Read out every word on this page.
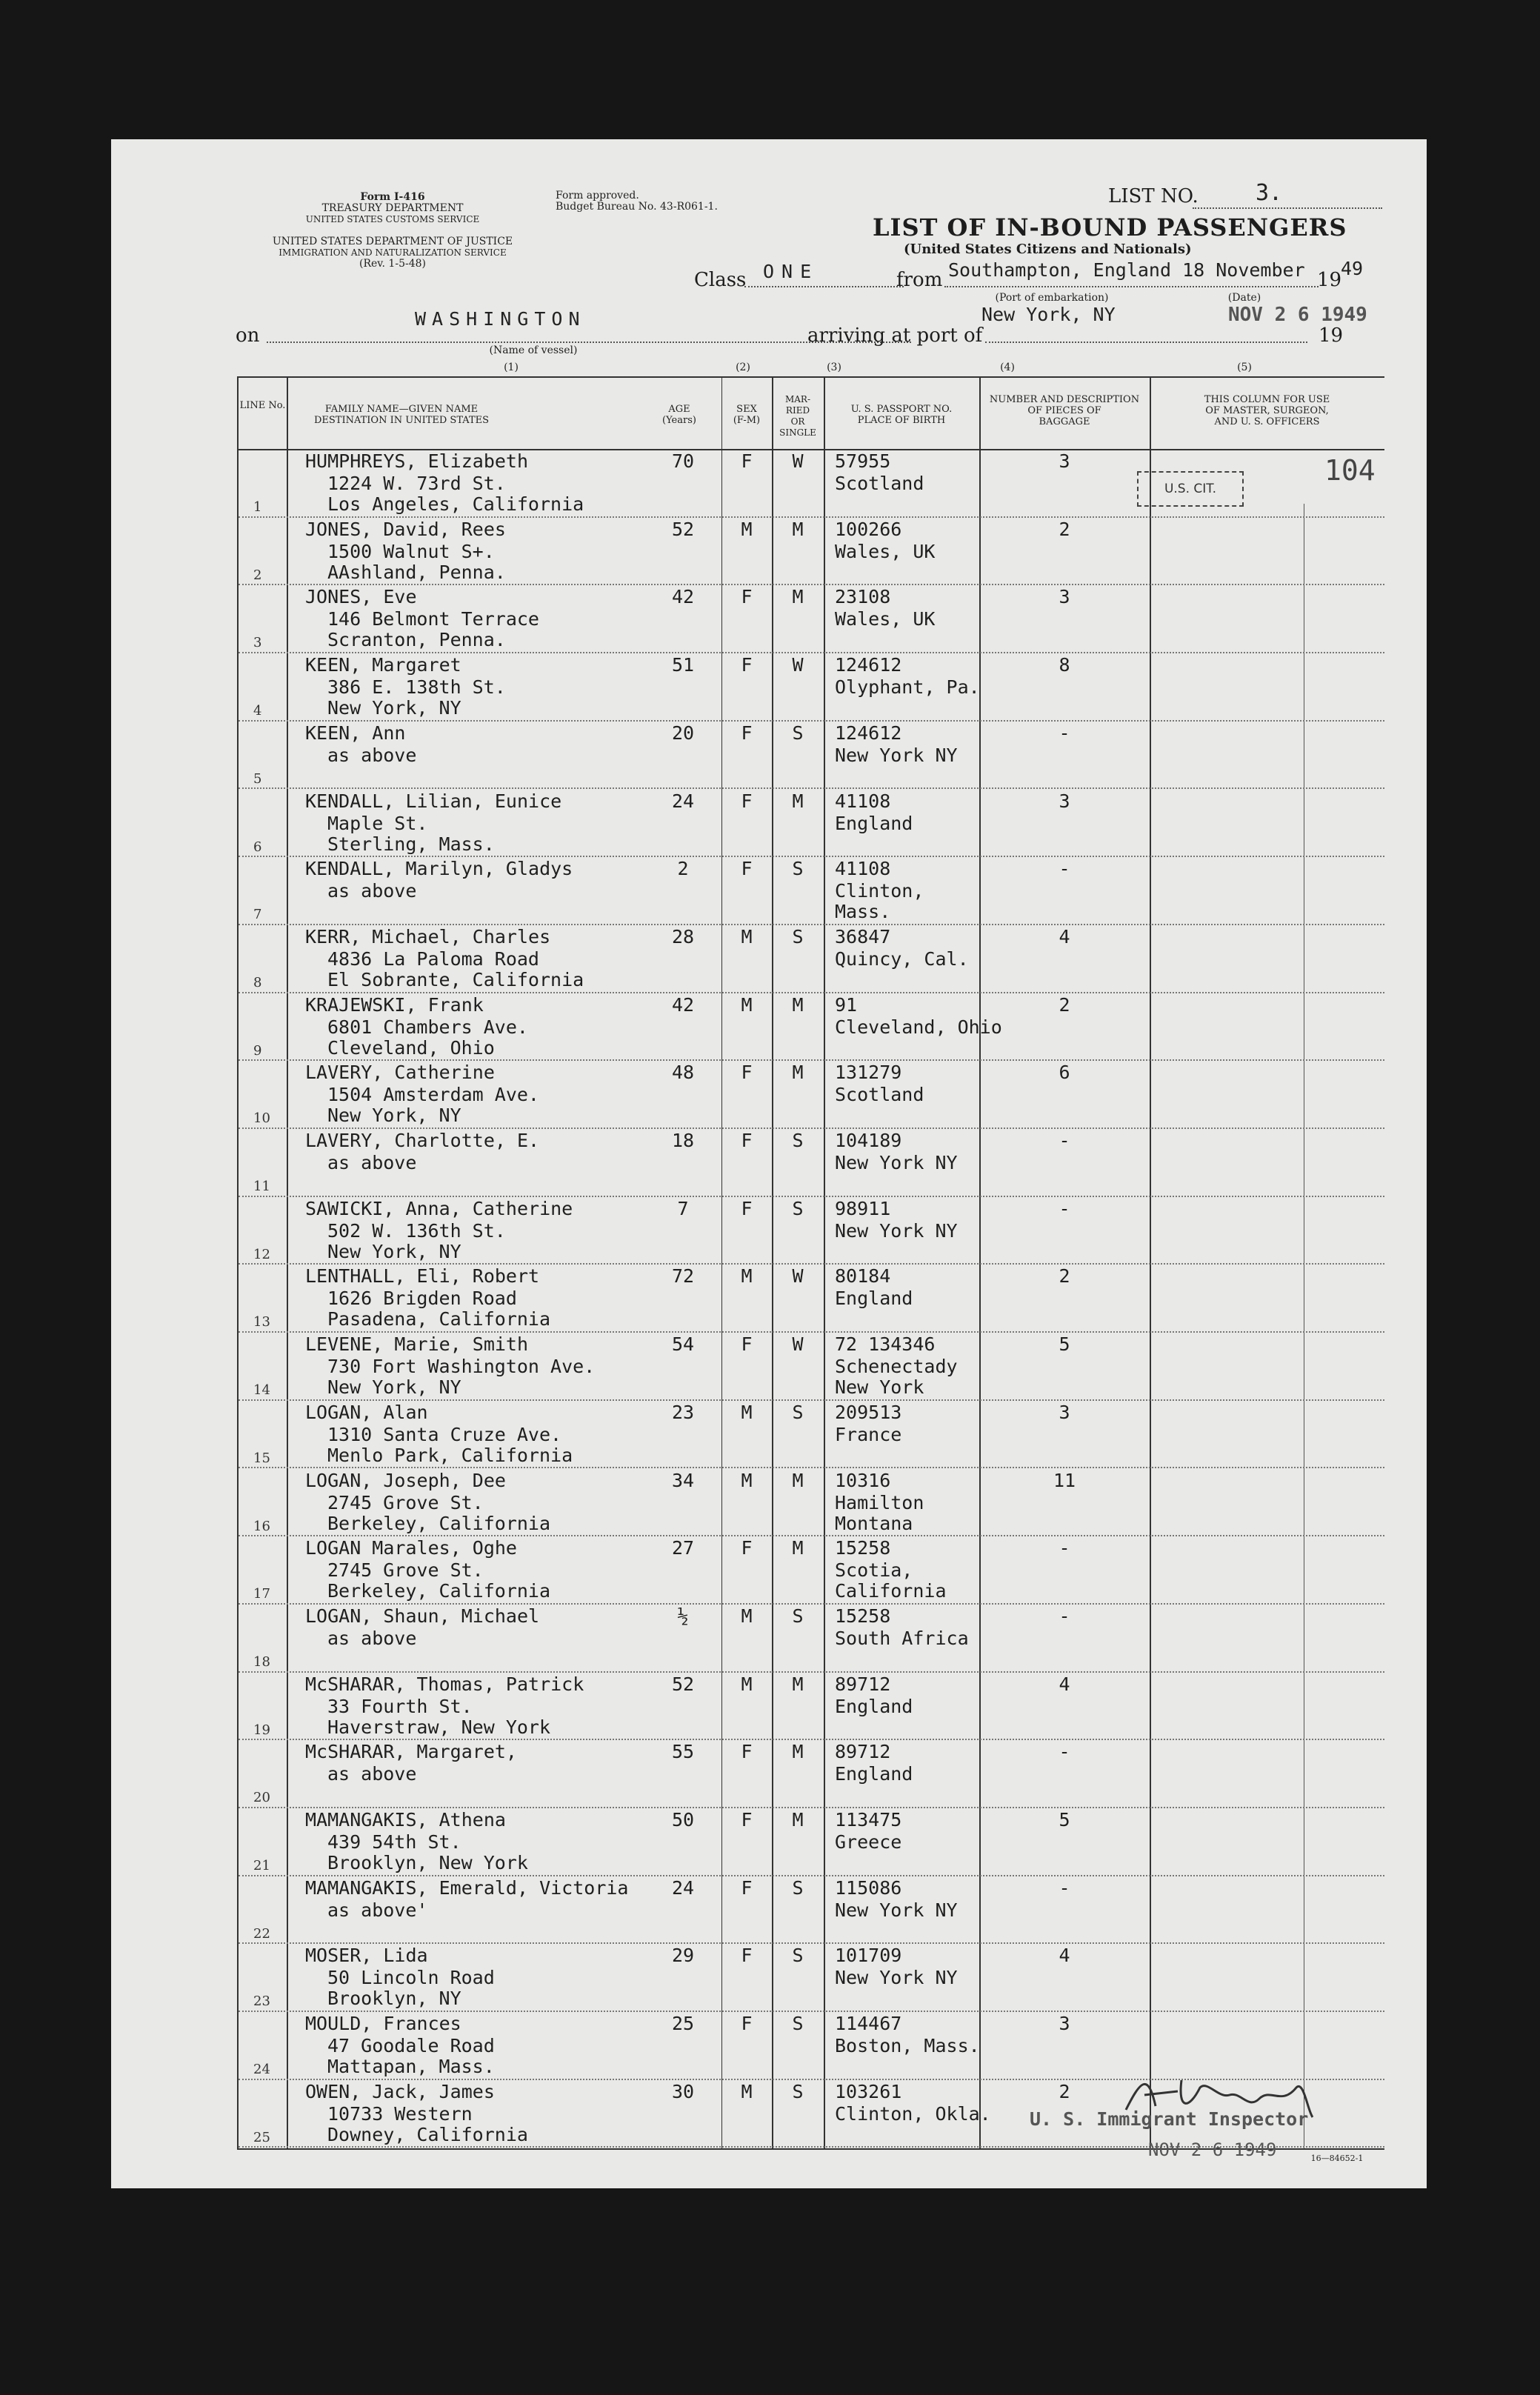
Form I-416
TREASURY DEPARTMENT
UNITED STATES CUSTOMS SERVICE
UNITED STATES DEPARTMENT OF JUSTICE
IMMIGRATION AND NATURALIZATION SERVICE
(Rev. 1-5-48)
Form approved.
Budget Bureau No. 43-R061-1.	LIST NO.	3.
LIST OF IN-BOUND PASSENGERS
(United States Citizens and Nationals)
Class ONE	from Southampton, England 18 November 19
49
(Port of embarkation)	(Date)
on
WASHINGTON
arriving at port of
New York, NY	NOV 2 6 1949
19
(Name of vessel)
(1)	(2)	(3)	(4)	(5)
LINE No.	FAMILY NAME—GIVEN NAME
DESTINATION IN UNITED STATES
AGE
(Years)
SEX
(F-M)
MAR-
RIED
OR
SINGLE
U. S. PASSPORT NO.
PLACE OF BIRTH
NUMBER AND DESCRIPTION
OF PIECES OF
BAGGAGE
THIS COLUMN FOR USE
OF MASTER, SURGEON,
AND U. S. OFFICERS
1
HUMPHREYS, Elizabeth
1224 W. 73rd St.
Los Angeles, California
70	F	W	57955
Scotland
3
2
JONES, David, Rees
1500 Walnut S+.
AAshland, Penna.
52	M	M	100266
Wales, UK
2
3
JONES, Eve
146 Belmont Terrace
Scranton, Penna.
42	F	M	23108
Wales, UK
3
4
KEEN, Margaret
386 E. 138th St.
New York, NY
51	F	W	124612
Olyphant, Pa.
8
5
KEEN, Ann
as above
20	F	S	124612
New York NY
-
6
KENDALL, Lilian, Eunice
Maple St.
Sterling, Mass.
24	F	M	41108
England
3
7
KENDALL, Marilyn, Gladys
as above
2	F	S	41108
Clinton,
Mass.
-
8
KERR, Michael, Charles
4836 La Paloma Road
El Sobrante, California
28	M	S	36847
Quincy, Cal.
4
9
KRAJEWSKI, Frank
6801 Chambers Ave.
Cleveland, Ohio
42	M	M	91
Cleveland, Ohio
2
10
LAVERY, Catherine
1504 Amsterdam Ave.
New York, NY
48	F	M	131279
Scotland
6
11
LAVERY, Charlotte, E.
as above
18	F	S	104189
New York NY
-
12
SAWICKI, Anna, Catherine
502 W. 136th St.
New York, NY
7	F	S	98911
New York NY
-
13
LENTHALL, Eli, Robert
1626 Brigden Road
Pasadena, California
72	M	W	80184
England
2
14
LEVENE, Marie, Smith
730 Fort Washington Ave.
New York, NY
54	F	W	72 134346
Schenectady
New York
5
15
LOGAN, Alan
1310 Santa Cruze Ave.
Menlo Park, California
23	M	S	209513
France
3
16
LOGAN, Joseph, Dee
2745 Grove St.
Berkeley, California
34	M	M	10316
Hamilton
Montana
11
17
LOGAN Marales, Oghe
2745 Grove St.
Berkeley, California
27	F	M	15258
Scotia,
California
-
18
LOGAN, Shaun, Michael
as above
½	M	S	15258
South Africa
-
19
McSHARAR, Thomas, Patrick
33 Fourth St.
Haverstraw, New York
52	M	M	89712
England
4
20
McSHARAR, Margaret,
as above
55	F	M	89712
England
-
21
MAMANGAKIS, Athena
439 54th St.
Brooklyn, New York
50	F	M	113475
Greece
5
22
MAMANGAKIS, Emerald, Victoria
as above'
24	F	S	115086
New York NY
-
23
MOSER, Lida
50 Lincoln Road
Brooklyn, NY
29	F	S	101709
New York NY
4
24
MOULD, Frances
47 Goodale Road
Mattapan, Mass.
25	F	S	114467
Boston, Mass.
3
25
OWEN, Jack, James
10733 Western
Downey, California
30	M	S	103261
Clinton, Okla.
2
104
U.S. CIT.
U. S. Immigrant Inspector
NOV 2 6 1949	16—84652-1
